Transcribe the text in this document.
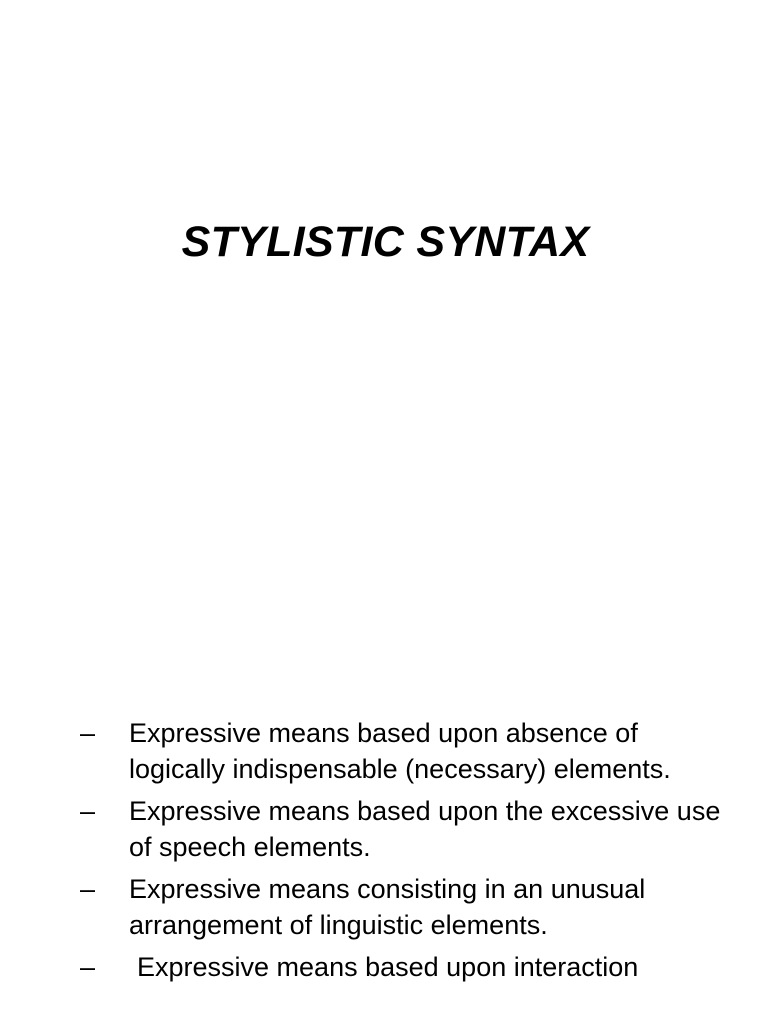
STYLISTIC SYNTAX
–	Expressive means based upon absence of logically indispensable (necessary) elements.
–	Expressive means based upon the excessive use of speech elements.
–	Expressive means consisting in an unusual arrangement of linguistic elements.
–	Expressive means based upon interaction
